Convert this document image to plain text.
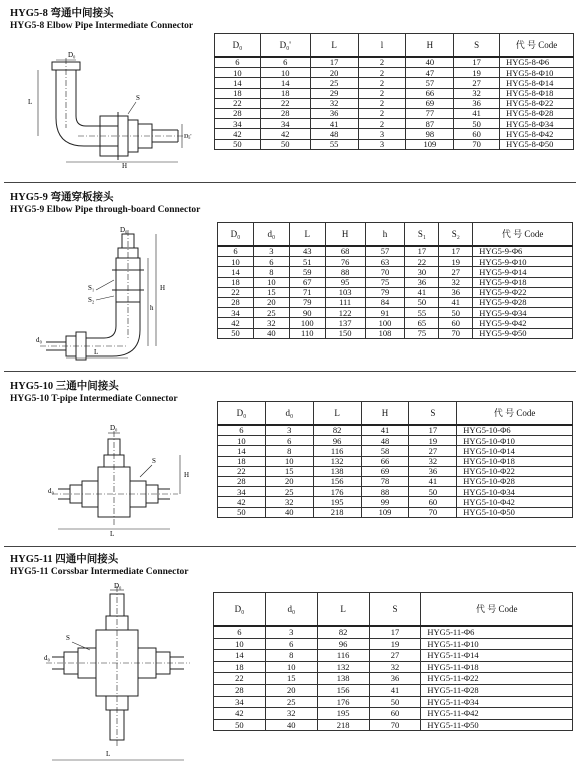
HYG5-8 弯通中间接头
HYG5-8 Elbow Pipe Intermediate Connector
D₀
L
H
S
D₀'
D₀	D₀'	L	l	H	S	代 号 Code
6	6	17	2	40	17	HYG5-8-Φ6
10	10	20	2	47	19	HYG5-8-Φ10
14	14	25	2	57	27	HYG5-8-Φ14
18	18	29	2	66	32	HYG5-8-Φ18
22	22	32	2	69	36	HYG5-8-Φ22
28	28	36	2	77	41	HYG5-8-Φ28
34	34	41	2	87	50	HYG5-8-Φ34
42	42	48	3	98	60	HYG5-8-Φ42
50	50	55	3	109	70	HYG5-8-Φ50
HYG5-9 弯通穿板接头
HYG5-9 Elbow Pipe through-board Connector
D₀
H
h
S₁
S₂
d₀
L
D₀	d₀	L	H	h	S₁	S₂	代 号 Code
6	3	43	68	57	17	17	HYG5-9-Φ6
10	6	51	76	63	22	19	HYG5-9-Φ10
14	8	59	88	70	30	27	HYG5-9-Φ14
18	10	67	95	75	36	32	HYG5-9-Φ18
22	15	71	103	79	41	36	HYG5-9-Φ22
28	20	79	111	84	50	41	HYG5-9-Φ28
34	25	90	122	91	55	50	HYG5-9-Φ34
42	32	100	137	100	65	60	HYG5-9-Φ42
50	40	110	150	108	75	70	HYG5-9-Φ50
HYG5-10 三通中间接头
HYG5-10 T-pipe Intermediate Connector
D₀
S
H
d₀
L
D₀	d₀	L	H	S	代 号 Code
6	3	82	41	17	HYG5-10-Φ6
10	6	96	48	19	HYG5-10-Φ10
14	8	116	58	27	HYG5-10-Φ14
18	10	132	66	32	HYG5-10-Φ18
22	15	138	69	36	HYG5-10-Φ22
28	20	156	78	41	HYG5-10-Φ28
34	25	176	88	50	HYG5-10-Φ34
42	32	195	99	60	HYG5-10-Φ42
50	40	218	109	70	HYG5-10-Φ50
HYG5-11 四通中间接头
HYG5-11 Corssbar Intermediate Connector
D₀
S
d₀
L
D₀	d₀	L	S	代 号 Code
6	3	82	17	HYG5-11-Φ6
10	6	96	19	HYG5-11-Φ10
14	8	116	27	HYG5-11-Φ14
18	10	132	32	HYG5-11-Φ18
22	15	138	36	HYG5-11-Φ22
28	20	156	41	HYG5-11-Φ28
34	25	176	50	HYG5-11-Φ34
42	32	195	60	HYG5-11-Φ42
50	40	218	70	HYG5-11-Φ50
